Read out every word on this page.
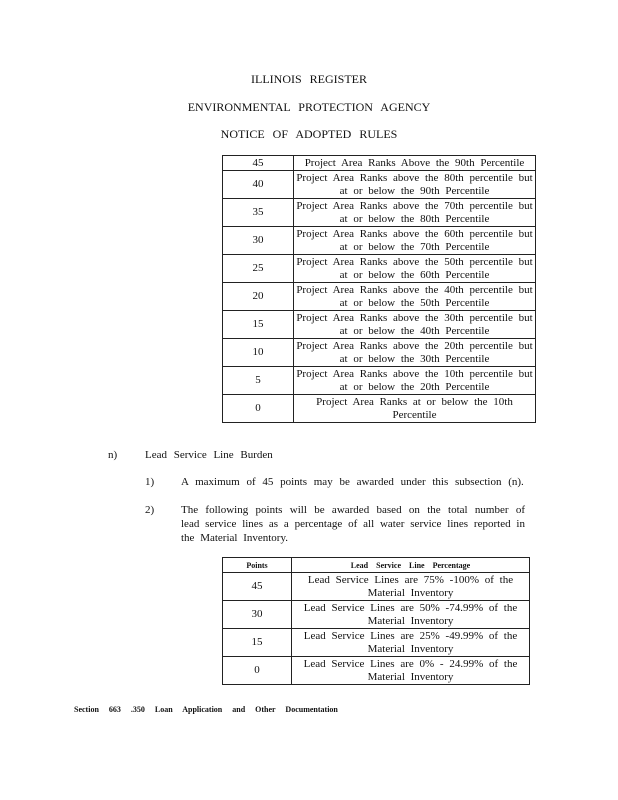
ILLINOIS REGISTER
ENVIRONMENTAL PROTECTION AGENCY
NOTICE OF ADOPTED RULES
45	Project Area Ranks Above the 90th Percentile
40	Project Area Ranks above the 80th percentile but at or below the 90th Percentile
35	Project Area Ranks above the 70th percentile but at or below the 80th Percentile
30	Project Area Ranks above the 60th percentile but at or below the 70th Percentile
25	Project Area Ranks above the 50th percentile but at or below the 60th Percentile
20	Project Area Ranks above the 40th percentile but at or below the 50th Percentile
15	Project Area Ranks above the 30th percentile but at or below the 40th Percentile
10	Project Area Ranks above the 20th percentile but at or below the 30th Percentile
5	Project Area Ranks above the 10th percentile but at or below the 20th Percentile
0	Project Area Ranks at or below the 10th Percentile
n)	Lead Service Line Burden
1) A maximum of 45 points may be awarded under this subsection (n).
2) The following points will be awarded based on the total number of lead service lines as a percentage of all water service lines reported in the Material Inventory.
Points	Lead Service Line Percentage
45	Lead Service Lines are 75% -100% of the Material Inventory
30	Lead Service Lines are 50% -74.99% of the Material Inventory
15	Lead Service Lines are 25% -49.99% of the Material Inventory
0	Lead Service Lines are 0% - 24.99% of the Material Inventory
Section 663 .350 Loan Application and Other Documentation
